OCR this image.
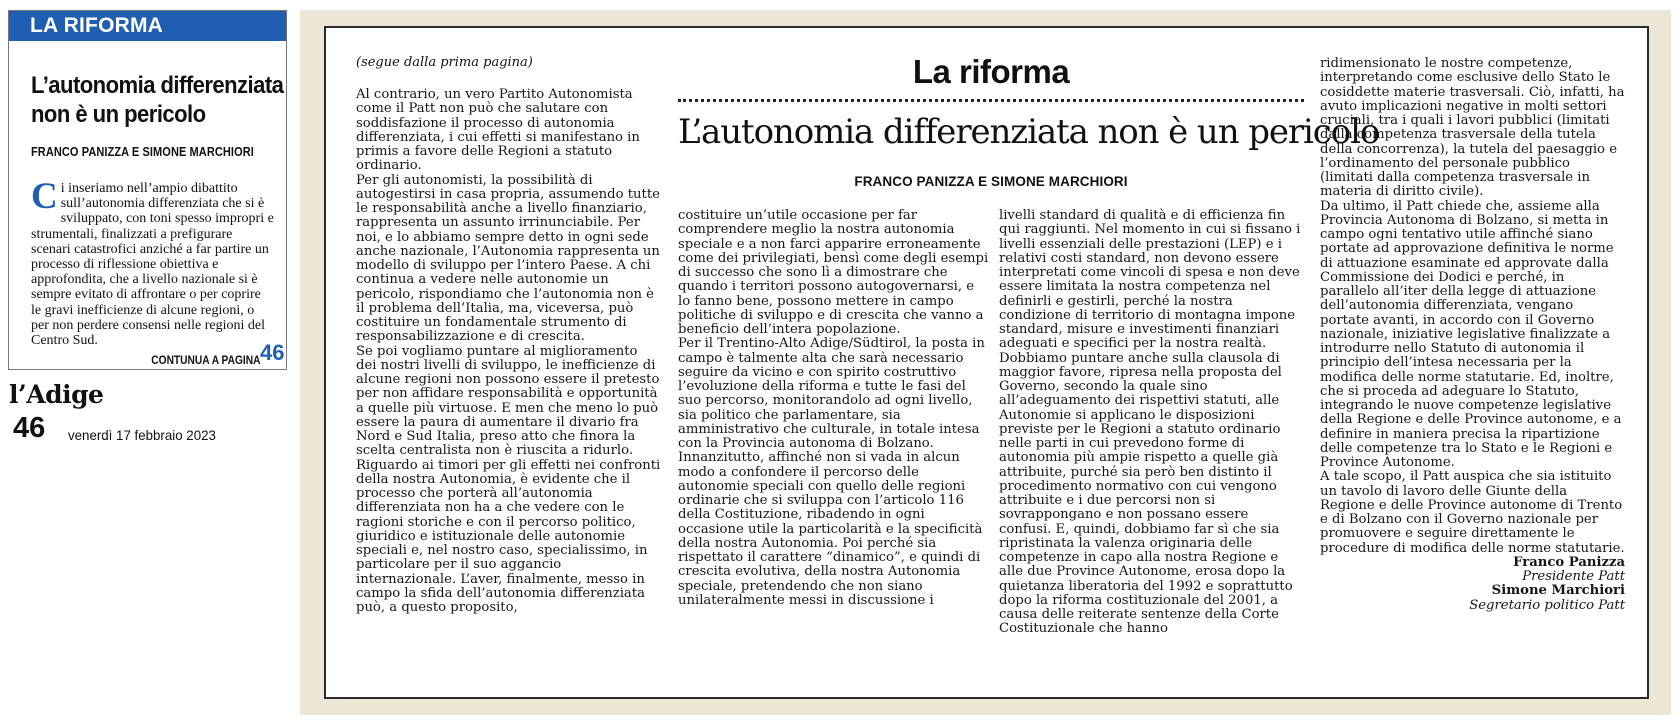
LA RIFORMA
L’autonomia differenziata
non è un pericolo
FRANCO PANIZZA E SIMONE MARCHIORI
Ci inseriamo nell’ampio dibattito sull’autonomia differenziata che si è sviluppato, con toni spesso impropri e strumentali, finalizzati a prefigurare scenari catastrofici anziché a far partire un processo di riflessione obiettiva e approfondita, che a livello nazionale si è sempre evitato di affrontare o per coprire le gravi inefficienze di alcune regioni, o per non perdere consensi nelle regioni del Centro Sud.
CONTUNUA A PAGINA 46
l’Adige
46 venerdì 17 febbraio 2023
(segue dalla prima pagina)	La riforma
L’autonomia differenziata non è un pericolo
FRANCO PANIZZA E SIMONE MARCHIORI

Al contrario, un vero Partito Autonomista come il Patt non può che salutare con soddisfazione il processo di autonomia differenziata, i cui effetti si manifestano in primis a favore delle Regioni a statuto ordinario.

Per gli autonomisti, la possibilità di autogestirsi in casa propria, assumendo tutte le responsabilità anche a livello finanziario, rappresenta un assunto irrinunciabile. Per noi, e lo abbiamo sempre detto in ogni sede anche nazionale, l’Autonomia rappresenta un modello di sviluppo per l’intero Paese. A chi continua a vedere nelle autonomie un pericolo, rispondiamo che l’autonomia non è il problema dell’Italia, ma, viceversa, può costituire un fondamentale strumento di responsabilizzazione e di crescita.

Se poi vogliamo puntare al miglioramento dei nostri livelli di sviluppo, le inefficienze di alcune regioni non possono essere il pretesto per non affidare responsabilità e opportunità a quelle più virtuose. E men che meno lo può essere la paura di aumentare il divario fra Nord e Sud Italia, preso atto che finora la scelta centralista non è riuscita a ridurlo.

Riguardo ai timori per gli effetti nei confronti della nostra Autonomia, è evidente che il processo che porterà all’autonomia differenziata non ha a che vedere con le ragioni storiche e con il percorso politico, giuridico e istituzionale delle autonomie speciali e, nel nostro caso, specialissimo, in particolare per il suo aggancio internazionale. L’aver, finalmente, messo in campo la sfida dell’autonomia differenziata può, a questo proposito,

costituire un’utile occasione per far comprendere meglio la nostra autonomia speciale e a non farci apparire erroneamente come dei privilegiati, bensì come degli esempi di successo che sono lì a dimostrare che quando i territori possono autogovernarsi, e lo fanno bene, possono mettere in campo politiche di sviluppo e di crescita che vanno a beneficio dell’intera popolazione.

Per il Trentino-Alto Adige/Südtirol, la posta in campo è talmente alta che sarà necessario seguire da vicino e con spirito costruttivo l’evoluzione della riforma e tutte le fasi del suo percorso, monitorandolo ad ogni livello, sia politico che parlamentare, sia amministrativo che culturale, in totale intesa con la Provincia autonoma di Bolzano.

Innanzitutto, affinché non si vada in alcun modo a confondere il percorso delle autonomie speciali con quello delle regioni ordinarie che si sviluppa con l’articolo 116 della Costituzione, ribadendo in ogni occasione utile la particolarità e la specificità della nostra Autonomia. Poi perché sia rispettato il carattere “dinamico”, e quindi di crescita evolutiva, della nostra Autonomia speciale, pretendendo che non siano unilateralmente messi in discussione i

livelli standard di qualità e di efficienza fin qui raggiunti. Nel momento in cui si fissano i livelli essenziali delle prestazioni (LEP) e i relativi costi standard, non devono essere interpretati come vincoli di spesa e non deve essere limitata la nostra competenza nel definirli e gestirli, perché la nostra condizione di territorio di montagna impone standard, misure e investimenti finanziari adeguati e specifici per la nostra realtà.

Dobbiamo puntare anche sulla clausola di maggior favore, ripresa nella proposta del Governo, secondo la quale sino all’adeguamento dei rispettivi statuti, alle Autonomie si applicano le disposizioni previste per le Regioni a statuto ordinario nelle parti in cui prevedono forme di autonomia più ampie rispetto a quelle già attribuite, purché sia però ben distinto il procedimento normativo con cui vengono attribuite e i due percorsi non si sovrappongano e non possano essere confusi. E, quindi, dobbiamo far sì che sia ripristinata la valenza originaria delle competenze in capo alla nostra Regione e alle due Province Autonome, erosa dopo la quietanza liberatoria del 1992 e soprattutto dopo la riforma costituzionale del 2001, a causa delle reiterate sentenze della Corte Costituzionale che hanno

ridimensionato le nostre competenze, interpretando come esclusive dello Stato le cosiddette materie trasversali. Ciò, infatti, ha avuto implicazioni negative in molti settori cruciali, tra i quali i lavori pubblici (limitati dalla competenza trasversale della tutela della concorrenza), la tutela del paesaggio e l’ordinamento del personale pubblico (limitati dalla competenza trasversale in materia di diritto civile).

Da ultimo, il Patt chiede che, assieme alla Provincia Autonoma di Bolzano, si metta in campo ogni tentativo utile affinché siano portate ad approvazione definitiva le norme di attuazione esaminate ed approvate dalla Commissione dei Dodici e perché, in parallelo all’iter della legge di attuazione dell’autonomia differenziata, vengano portate avanti, in accordo con il Governo nazionale, iniziative legislative finalizzate a introdurre nello Statuto di autonomia il principio dell’intesa necessaria per la modifica delle norme statutarie. Ed, inoltre, che si proceda ad adeguare lo Statuto, integrando le nuove competenze legislative della Regione e delle Province autonome, e a definire in maniera precisa la ripartizione delle competenze tra lo Stato e le Regioni e Province Autonome.

A tale scopo, il Patt auspica che sia istituito un tavolo di lavoro delle Giunte della Regione e delle Province autonome di Trento e di Bolzano con il Governo nazionale per promuovere e seguire direttamente le procedure di modifica delle norme statutarie.

Franco Panizza
Presidente Patt
Simone Marchiori
Segretario politico Patt
